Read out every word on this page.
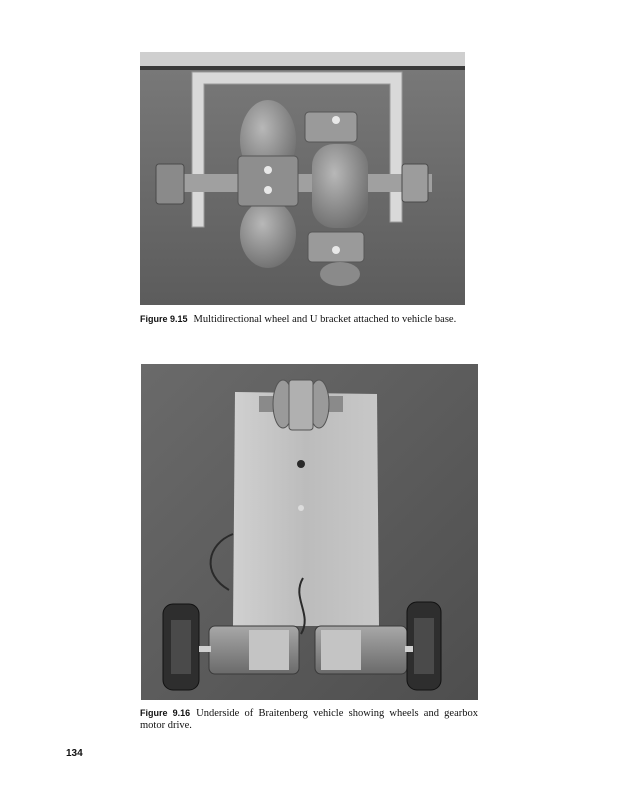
Figure 9.15 Multidirectional wheel and U bracket attached to vehicle base.
Figure 9.16 Underside of Braitenberg vehicle showing wheels and gearbox motor drive.
134
